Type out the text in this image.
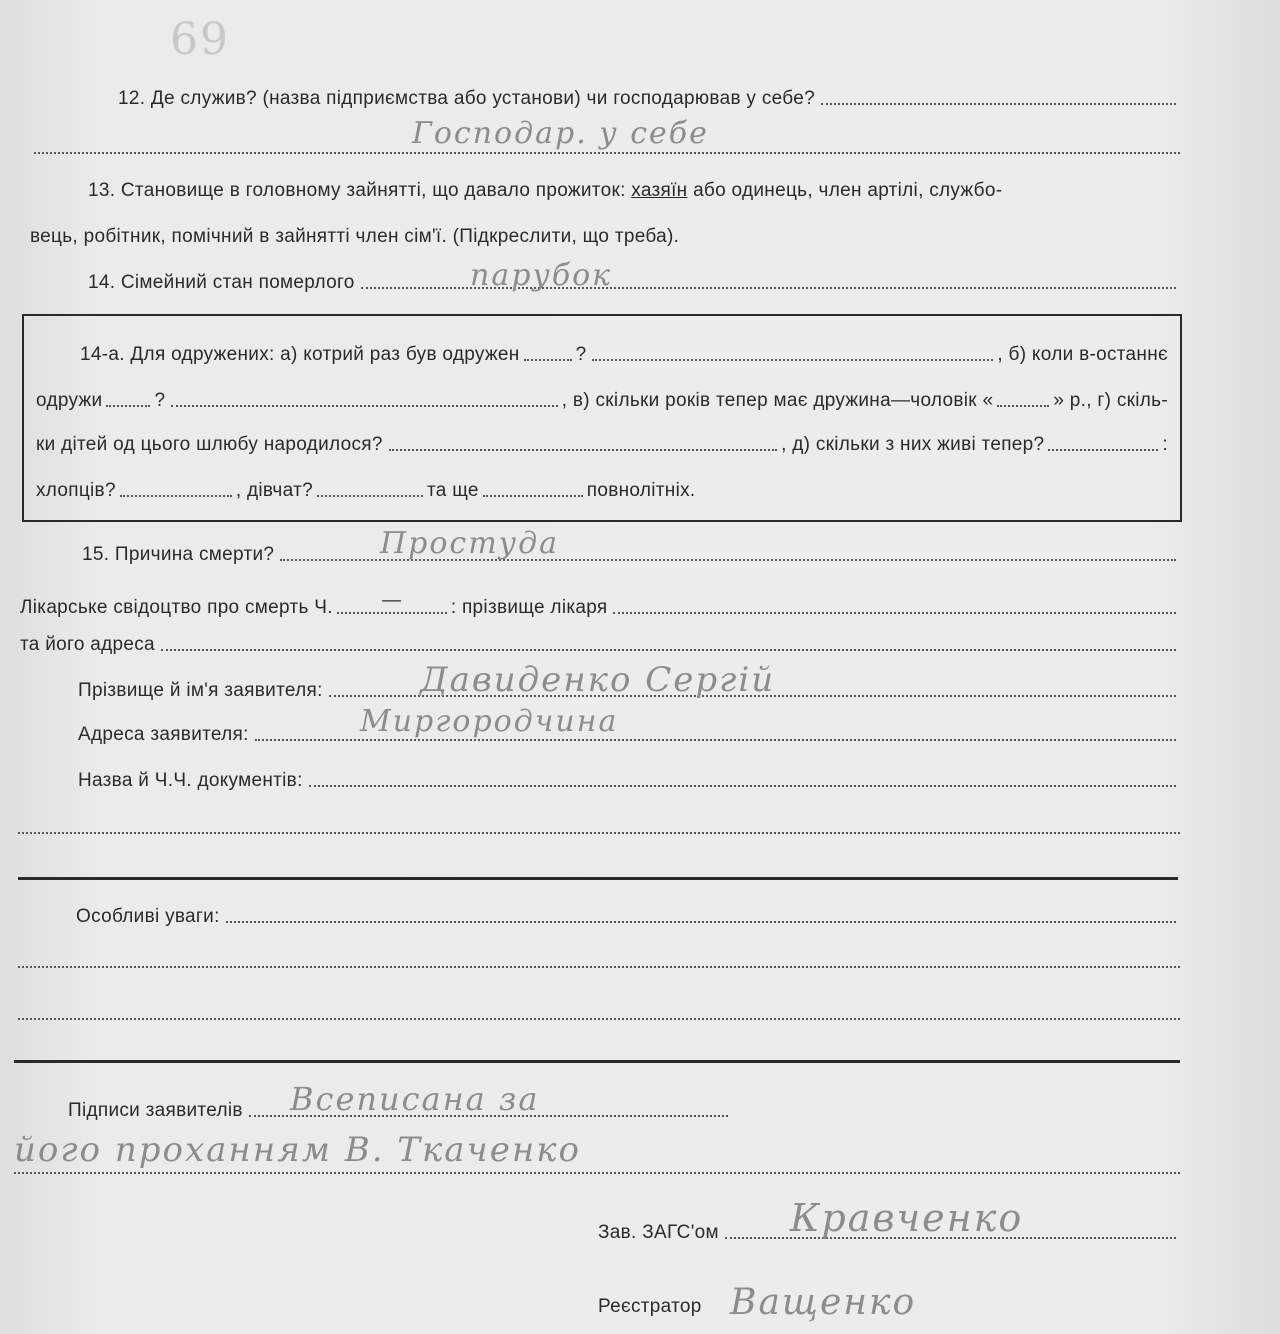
69
12. Де служив? (назва підприємства або установи) чи господарював у себе?
Господар. у себе
13. Становище в головному зайнятті, що давало прожиток:
хазяїн
або одинець, член артілі, службо-
вець, робітник, помічний в зайнятті член сім'ї. (Підкреслити, що треба).
14. Сімейний стан померлого	парубок
14-а. Для одружених: а) котрий раз був одружен	?	, б) коли в-останнє
одружи	?	, в) скільки років тепер має дружина—чоловік «	» р., г) скіль-
ки дітей од цього шлюбу народилося?	, д) скільки з них живі тепер?	:
хлопців?	, дівчат?	та ще	повнолітніх.
15. Причина смерти?	Простуда
Лікарське свідоцтво про смерть Ч.	—	: прізвище лікаря
та його адреса
Прізвище й ім'я заявителя:	Давиденко Сергій
Адреса заявителя:	Миргородчина
Назва й Ч.Ч. документів:
Особливі уваги:
Підписи заявителів Всеписана за
його проханням В. Ткаченко
Зав. ЗАГС'ом Кравченко
Реєстратор Ващенко
